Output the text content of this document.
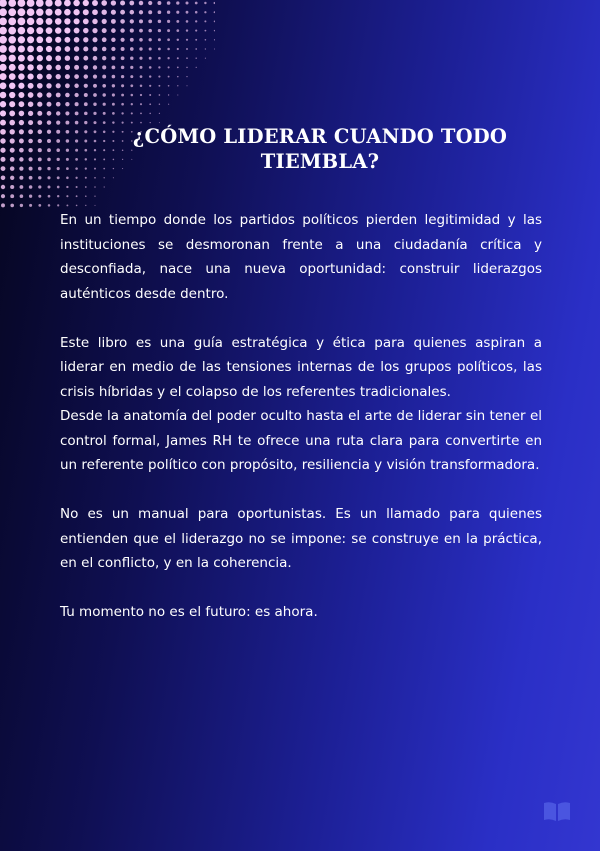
¿CÓMO LIDERAR CUANDO TODO TIEMBLA?

En un tiempo donde los partidos políticos pierden legitimidad y las instituciones se desmoronan frente a una ciudadanía crítica y desconfiada, nace una nueva oportunidad: construir liderazgos auténticos desde dentro.

Este libro es una guía estratégica y ética para quienes aspiran a liderar en medio de las tensiones internas de los grupos políticos, las crisis híbridas y el colapso de los referentes tradicionales.

Desde la anatomía del poder oculto hasta el arte de liderar sin tener el control formal, James RH te ofrece una ruta clara para convertirte en un referente político con propósito, resiliencia y visión transformadora.

No es un manual para oportunistas. Es un llamado para quienes entienden que el liderazgo no se impone: se construye en la práctica, en el conflicto, y en la coherencia.

Tu momento no es el futuro: es ahora.
